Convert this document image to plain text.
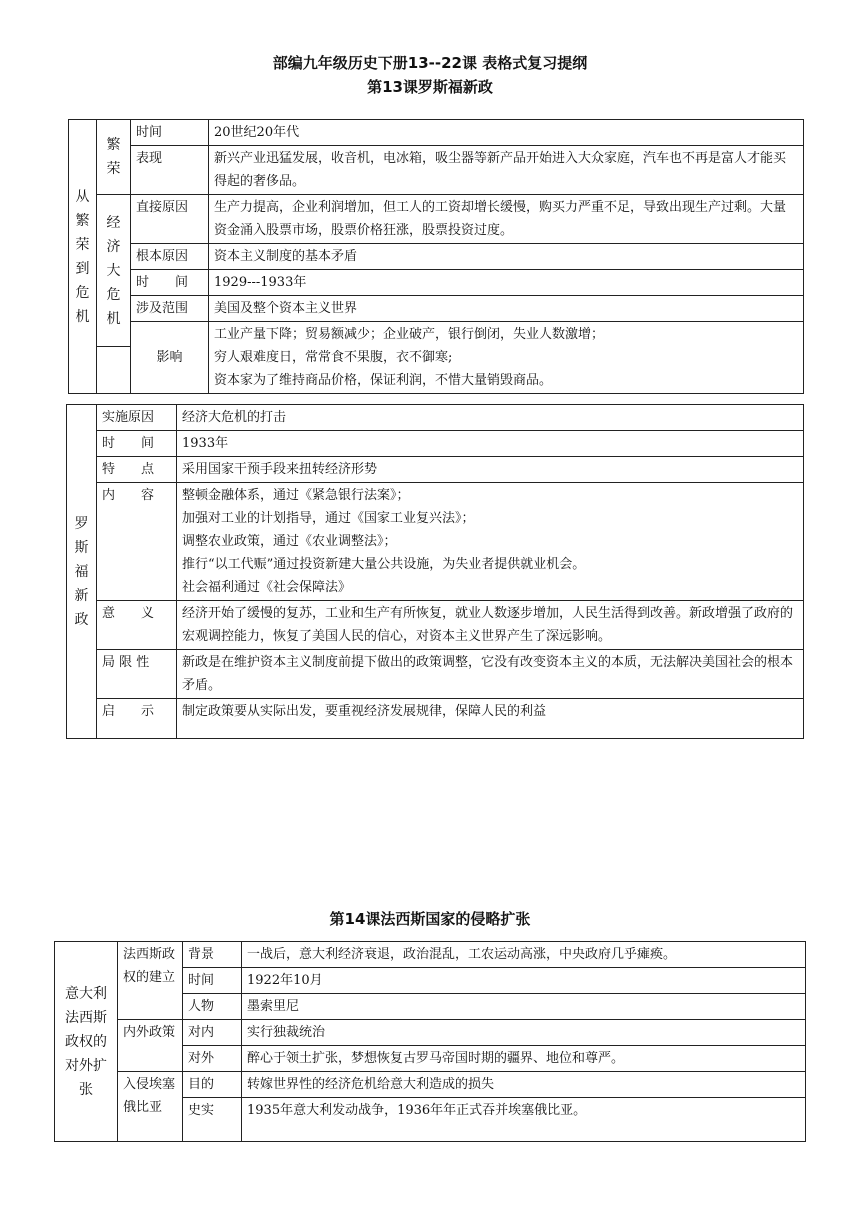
部编九年级历史下册13--22课 表格式复习提纲
第13课罗斯福新政
从繁荣到危机	繁荣	时间	20世纪20年代
		表现	新兴产业迅猛发展，收音机，电冰箱，吸尘器等新产品开始进入大众家庭，汽车也不再是富人才能买得起的奢侈品。
	经济大危机	直接原因	生产力提高，企业利润增加，但工人的工资却增长缓慢，购买力严重不足，导致出现生产过剩。大量资金涌入股票市场，股票价格狂涨，股票投资过度。
		根本原因	资本主义制度的基本矛盾
		时　　间	1929---1933年
		涉及范围	美国及整个资本主义世界
		影响	工业产量下降；贸易额减少；企业破产，银行倒闭，失业人数激增；
穷人艰难度日，常常食不果腹，衣不御寒;
资本家为了维持商品价格，保证利润，不惜大量销毁商品。

罗斯福新政	实施原因	经济大危机的打击
	时　　间	1933年
	特　　点	采用国家干预手段来扭转经济形势
	内　　容	整顿金融体系，通过《紧急银行法案》；
加强对工业的计划指导，通过《国家工业复兴法》；
调整农业政策，通过《农业调整法》；
推行“以工代赈”通过投资新建大量公共设施，为失业者提供就业机会。
社会福利通过《社会保障法》

	意　　义	经济开始了缓慢的复苏，工业和生产有所恢复，就业人数逐步增加，人民生活得到改善。新政增强了政府的宏观调控能力，恢复了美国人民的信心，对资本主义世界产生了深远影响。
	局 限 性	新政是在维护资本主义制度前提下做出的政策调整，它没有改变资本主义的本质，无法解决美国社会的根本矛盾。
	启　　示	制定政策要从实际出发，要重视经济发展规律，保障人民的利益
第14课法西斯国家的侵略扩张
意大利法西斯政权的对外扩张	法西斯政权的建立	背景	一战后，意大利经济衰退，政治混乱，工农运动高涨，中央政府几乎瘫痪。
		时间	1922年10月
		人物	墨索里尼
	内外政策	对内	实行独裁统治
		对外	醉心于领土扩张，梦想恢复古罗马帝国时期的疆界、地位和尊严。
	入侵埃塞俄比亚	目的	转嫁世界性的经济危机给意大利造成的损失
		史实	1935年意大利发动战争，1936年年正式吞并埃塞俄比亚。
